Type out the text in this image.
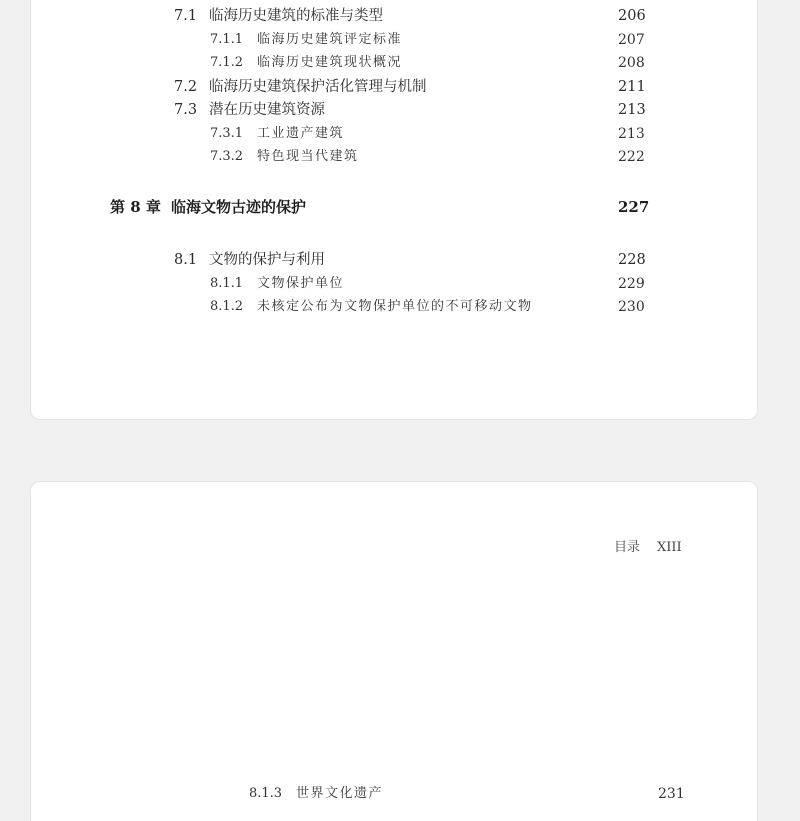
7.1 临海历史建筑的标准与类型	206
7.1.1 临海历史建筑评定标准	207
7.1.2 临海历史建筑现状概况	208
7.2 临海历史建筑保护活化管理与机制	211
7.3 潜在历史建筑资源	213
7.3.1 工业遗产建筑	213
7.3.2 特色现当代建筑	222
第 8 章 临海文物古迹的保护	227
8.1 文物的保护与利用	228
8.1.1 文物保护单位	229
8.1.2 未核定公布为文物保护单位的不可移动文物	230
目录 XIII
8.1.3 世界文化遗产	231
